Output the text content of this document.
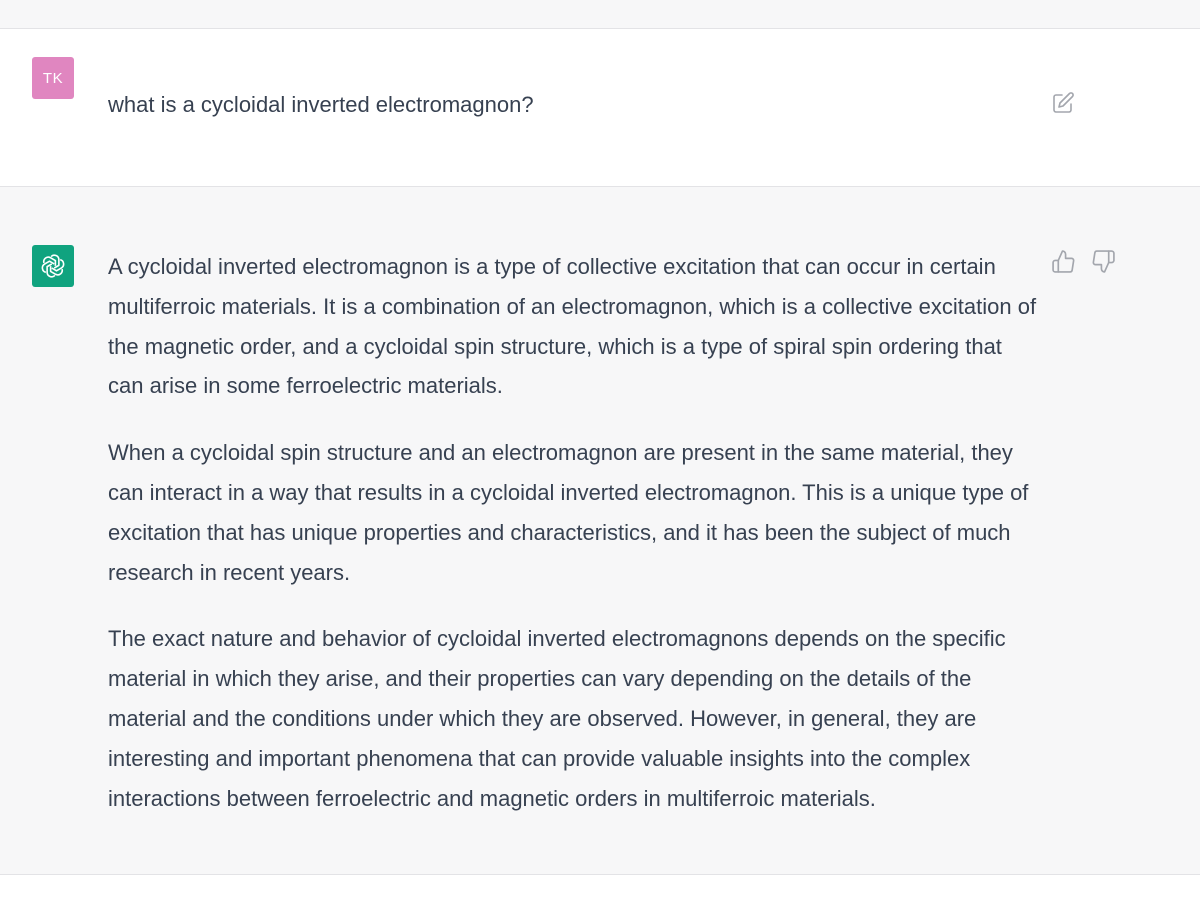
TK
what is a cycloidal inverted electromagnon?

A cycloidal inverted electromagnon is a type of collective excitation that can occur in certain multiferroic materials. It is a combination of an electromagnon, which is a collective excitation of the magnetic order, and a cycloidal spin structure, which is a type of spiral spin ordering that can arise in some ferroelectric materials.

When a cycloidal spin structure and an electromagnon are present in the same material, they can interact in a way that results in a cycloidal inverted electromagnon. This is a unique type of excitation that has unique properties and characteristics, and it has been the subject of much research in recent years.

The exact nature and behavior of cycloidal inverted electromagnons depends on the specific material in which they arise, and their properties can vary depending on the details of the material and the conditions under which they are observed. However, in general, they are interesting and important phenomena that can provide valuable insights into the complex interactions between ferroelectric and magnetic orders in multiferroic materials.
